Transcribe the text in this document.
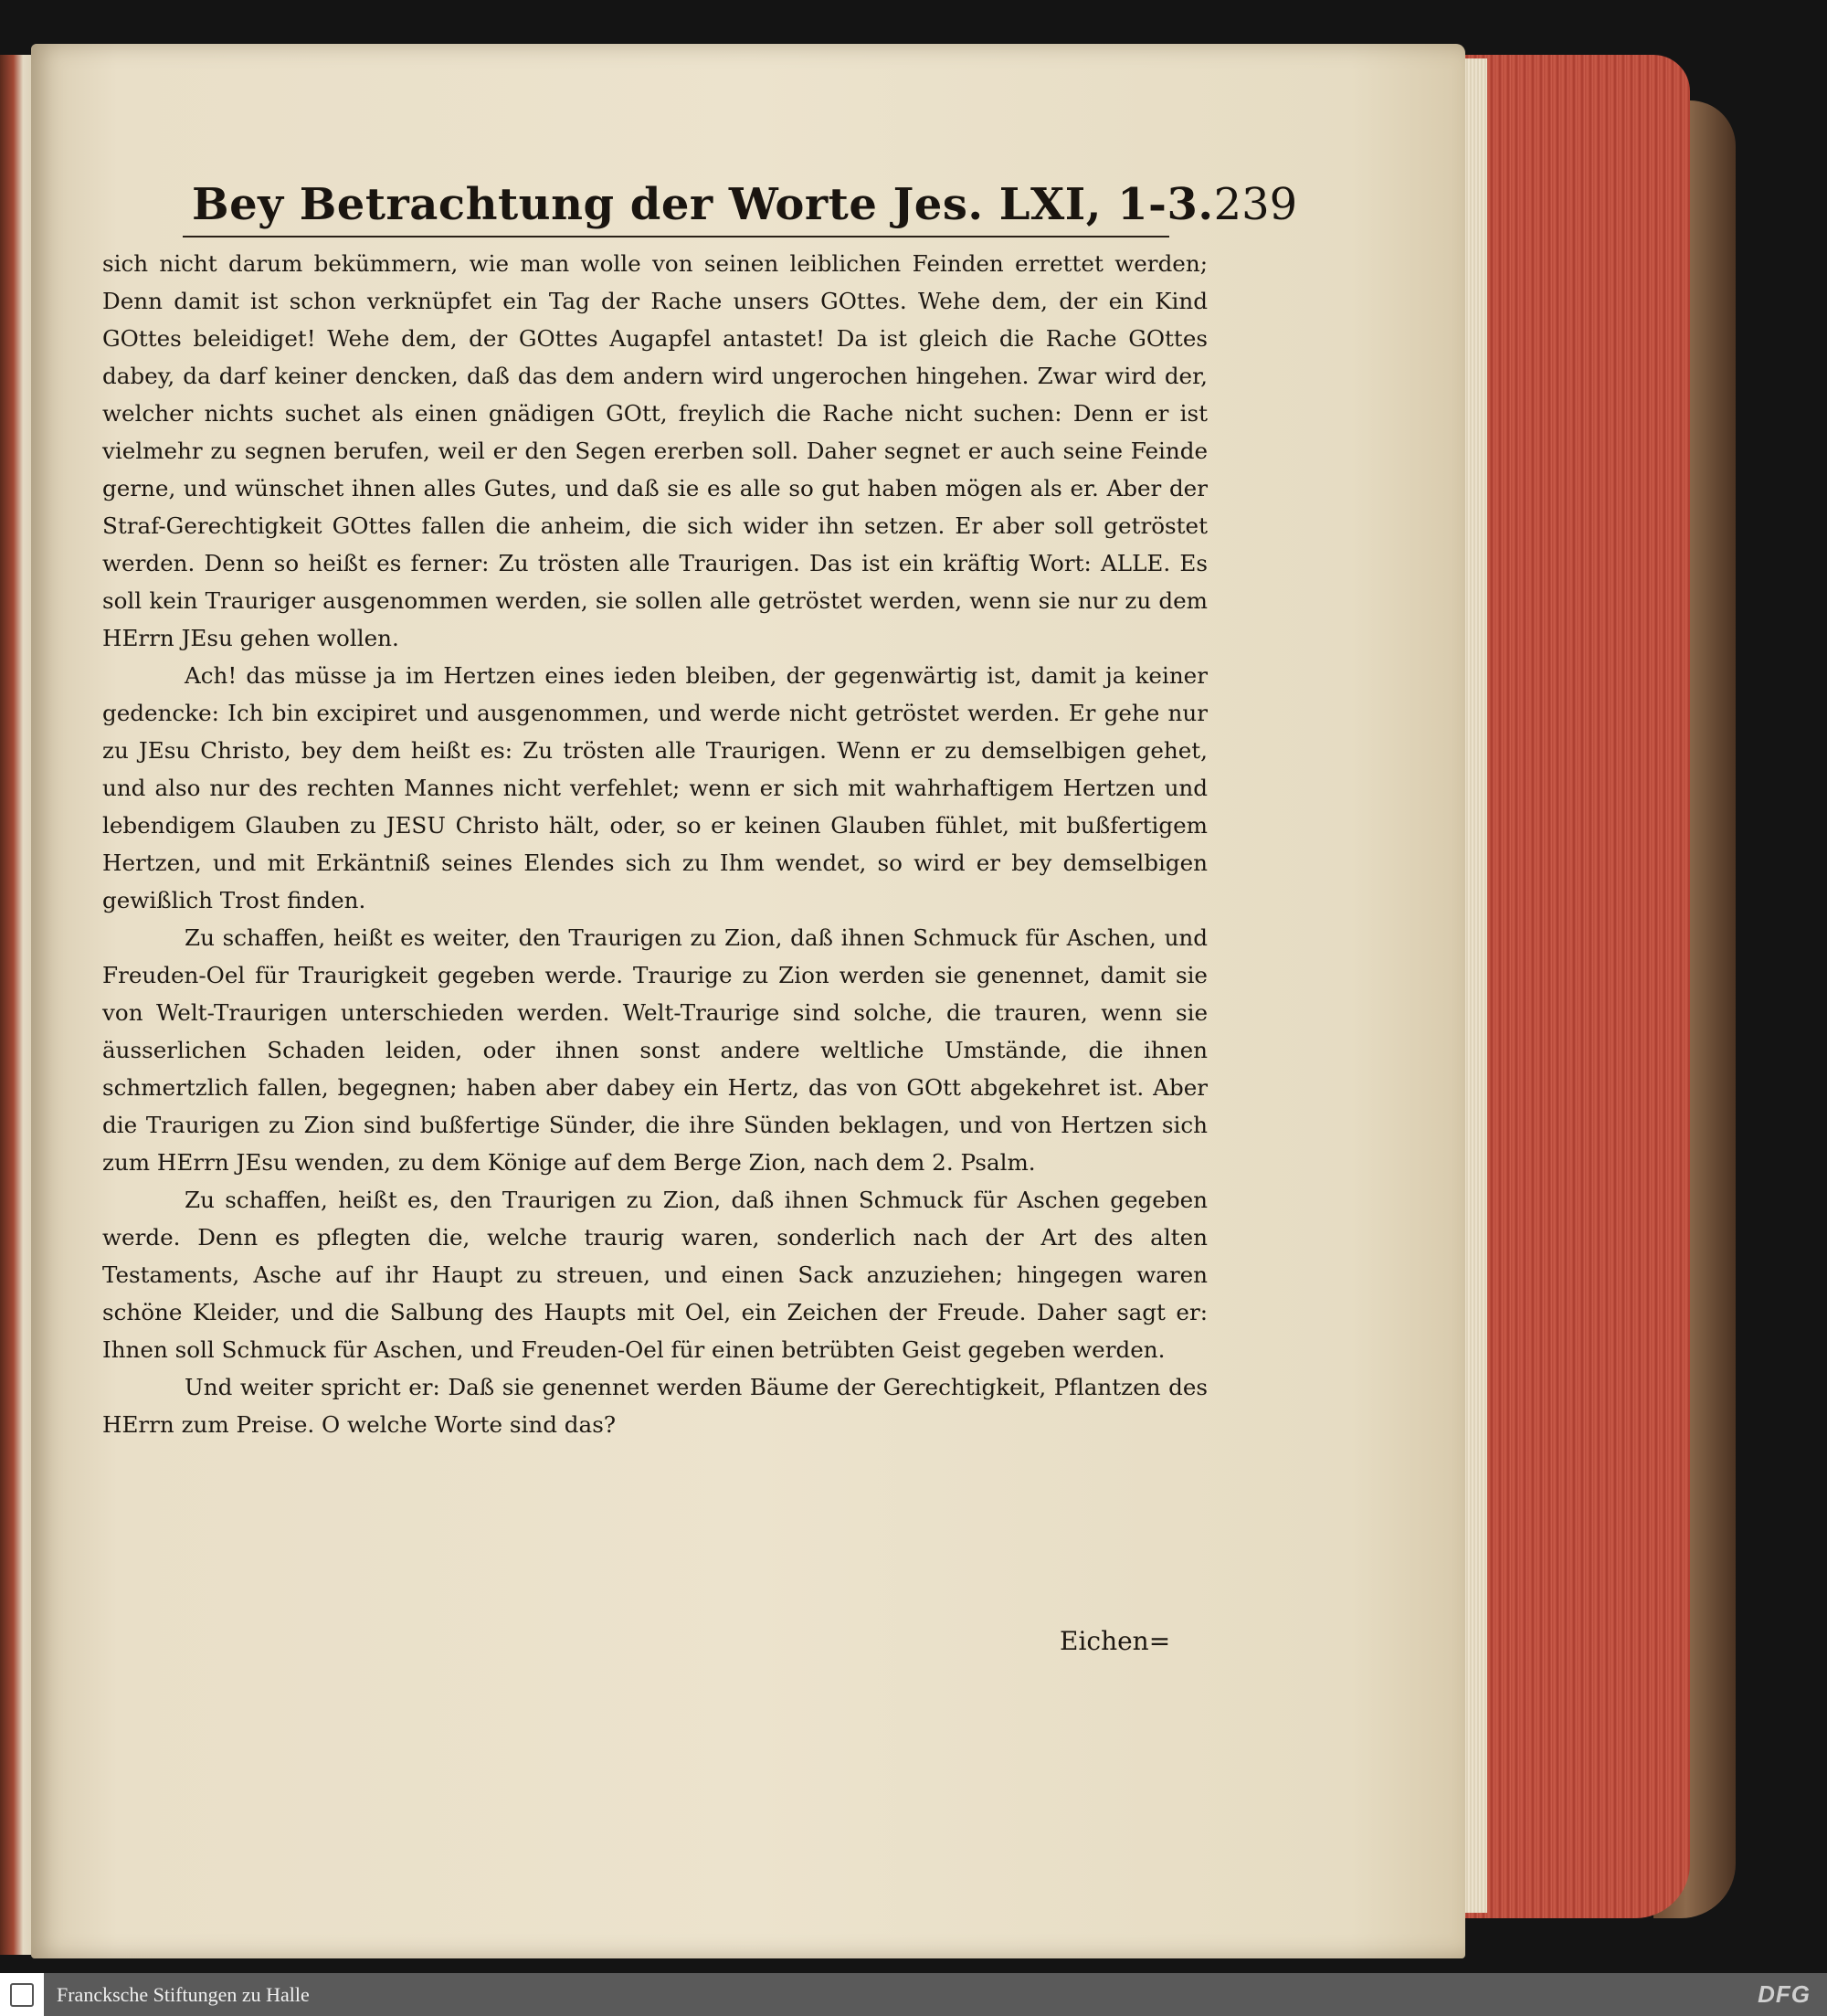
Bey Betrachtung der Worte Jes. LXI, 1-3. 239

sich nicht darum bekümmern, wie man wolle von seinen leiblichen Feinden errettet werden; Denn damit ist schon verknüpfet ein Tag der Rache unsers GOttes. Wehe dem, der ein Kind GOttes beleidiget! Wehe dem, der GOttes Augapfel antastet! Da ist gleich die Rache GOttes dabey, da darf keiner dencken, daß das dem andern wird ungerochen hingehen. Zwar wird der, welcher nichts suchet als einen gnädigen GOtt, freylich die Rache nicht suchen: Denn er ist vielmehr zu segnen berufen, weil er den Segen ererben soll. Daher segnet er auch seine Feinde gerne, und wünschet ihnen alles Gutes, und daß sie es alle so gut haben mögen als er. Aber der Straf-Gerechtigkeit GOttes fallen die anheim, die sich wider ihn setzen. Er aber soll getröstet werden. Denn so heißt es ferner: Zu trösten alle Traurigen. Das ist ein kräftig Wort: ALLE. Es soll kein Trauriger ausgenommen werden, sie sollen alle getröstet werden, wenn sie nur zu dem HErrn JEsu gehen wollen.

Ach! das müsse ja im Hertzen eines ieden bleiben, der gegenwärtig ist, damit ja keiner gedencke: Ich bin excipiret und ausgenommen, und werde nicht getröstet werden. Er gehe nur zu JEsu Christo, bey dem heißt es: Zu trösten alle Traurigen. Wenn er zu demselbigen gehet, und also nur des rechten Mannes nicht verfehlet; wenn er sich mit wahrhaftigem Hertzen und lebendigem Glauben zu JESU Christo hält, oder, so er keinen Glauben fühlet, mit bußfertigem Hertzen, und mit Erkäntniß seines Elendes sich zu Ihm wendet, so wird er bey demselbigen gewißlich Trost finden.

Zu schaffen, heißt es weiter, den Traurigen zu Zion, daß ihnen Schmuck für Aschen, und Freuden-Oel für Traurigkeit gegeben werde. Traurige zu Zion werden sie genennet, damit sie von Welt-Traurigen unterschieden werden. Welt-Traurige sind solche, die trauren, wenn sie äusserlichen Schaden leiden, oder ihnen sonst andere weltliche Umstände, die ihnen schmertzlich fallen, begegnen; haben aber dabey ein Hertz, das von GOtt abgekehret ist. Aber die Traurigen zu Zion sind bußfertige Sünder, die ihre Sünden beklagen, und von Hertzen sich zum HErrn JEsu wenden, zu dem Könige auf dem Berge Zion, nach dem 2. Psalm.

Zu schaffen, heißt es, den Traurigen zu Zion, daß ihnen Schmuck für Aschen gegeben werde. Denn es pflegten die, welche traurig waren, sonderlich nach der Art des alten Testaments, Asche auf ihr Haupt zu streuen, und einen Sack anzuziehen; hingegen waren schöne Kleider, und die Salbung des Haupts mit Oel, ein Zeichen der Freude. Daher sagt er: Ihnen soll Schmuck für Aschen, und Freuden-Oel für einen betrübten Geist gegeben werden.

Und weiter spricht er: Daß sie genennet werden Bäume der Gerechtigkeit, Pflantzen des HErrn zum Preise. O welche Worte sind das?

Eichen=
Francksche Stiftungen zu Halle	DFG
